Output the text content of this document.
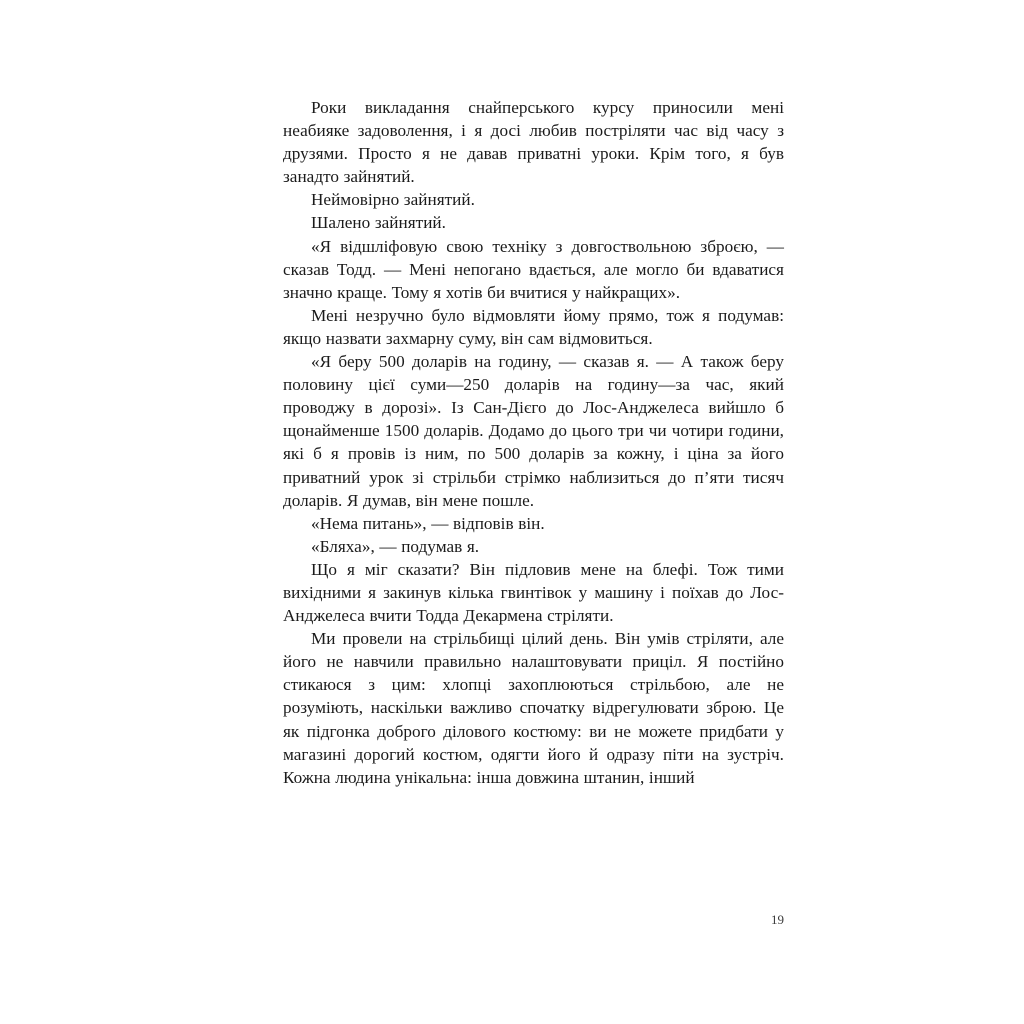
Роки викладання снайперського курсу приносили мені неабияке задоволення, і я досі любив постріляти час від часу з друзями. Просто я не давав приватні уроки. Крім того, я був занадто зайнятий.

Неймовірно зайнятий.

Шалено зайнятий.

«Я відшліфовую свою техніку з довгоствольною зброєю, — сказав Тодд. — Мені непогано вдається, але могло би вдаватися значно краще. Тому я хотів би вчитися у найкращих».

Мені незручно було відмовляти йому прямо, тож я подумав: якщо назвати захмарну суму, він сам відмовиться.

«Я беру 500 доларів на годину, — сказав я. — А також беру половину цієї суми—250 доларів на годину—за час, який проводжу в дорозі». Із Сан-Дієго до Лос-Анджелеса вийшло б щонайменше 1500 доларів. Додамо до цього три чи чотири години, які б я провів із ним, по 500 доларів за кожну, і ціна за його приватний урок зі стрільби стрімко наблизиться до п’яти тисяч доларів. Я думав, він мене пошле.

«Нема питань», — відповів він.

«Бляха», — подумав я.

Що я міг сказати? Він підловив мене на блефі. Тож тими вихідними я закинув кілька гвинтівок у машину і поїхав до Лос-Анджелеса вчити Тодда Декармена стріляти.

Ми провели на стрільбищі цілий день. Він умів стріляти, але його не навчили правильно налаштовувати приціл. Я постійно стикаюся з цим: хлопці захоплюються стрільбою, але не розуміють, наскільки важливо спочатку відрегулювати зброю. Це як підгонка доброго ділового костюму: ви не можете придбати у магазині дорогий костюм, одягти його й одразу піти на зустріч. Кожна людина унікальна: інша довжина штанин, інший

19
